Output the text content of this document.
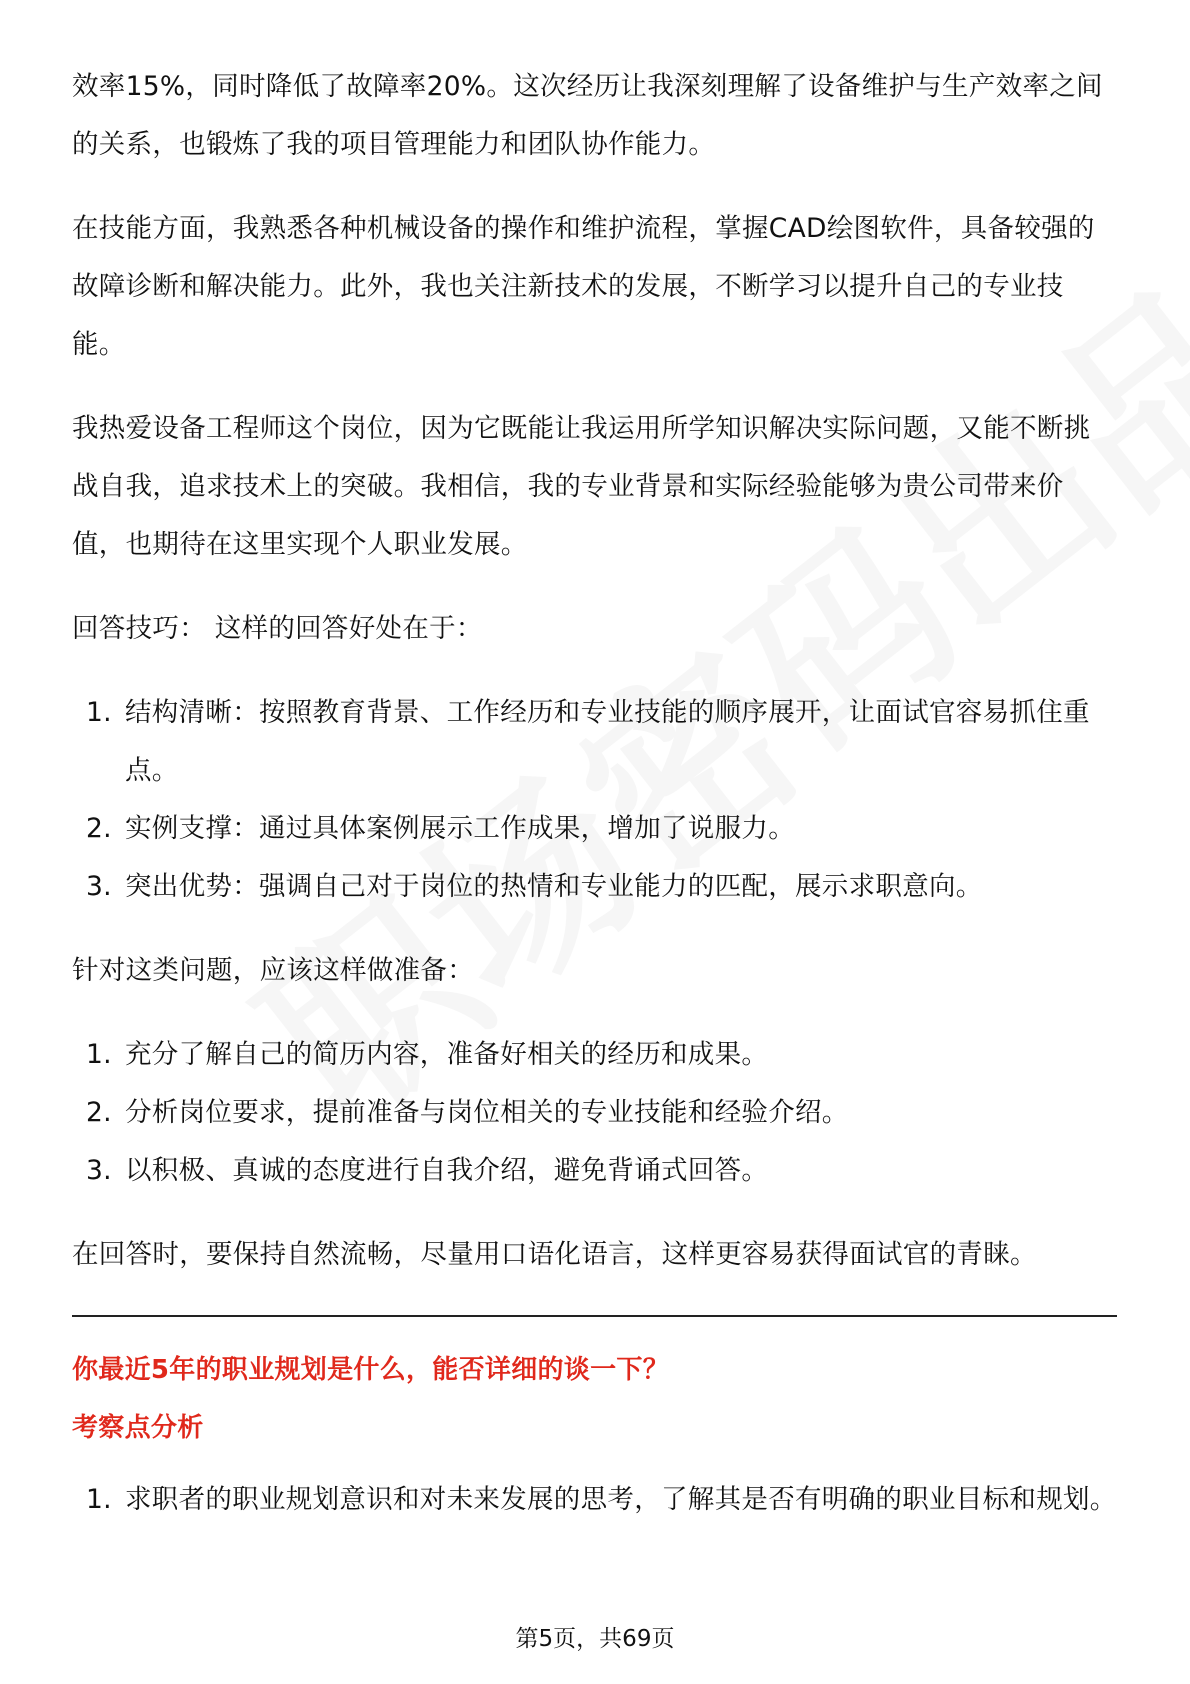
效率15%，同时降低了故障率20%。这次经历让我深刻理解了设备维护与生产效率之间的关系，也锻炼了我的项目管理能力和团队协作能力。

在技能方面，我熟悉各种机械设备的操作和维护流程，掌握CAD绘图软件，具备较强的故障诊断和解决能力。此外，我也关注新技术的发展，不断学习以提升自己的专业技能。

我热爱设备工程师这个岗位，因为它既能让我运用所学知识解决实际问题，又能不断挑战自我，追求技术上的突破。我相信，我的专业背景和实际经验能够为贵公司带来价值，也期待在这里实现个人职业发展。

回答技巧： 这样的回答好处在于：

1. 结构清晰：按照教育背景、工作经历和专业技能的顺序展开，让面试官容易抓住重点。
2. 实例支撑：通过具体案例展示工作成果，增加了说服力。
3. 突出优势：强调自己对于岗位的热情和专业能力的匹配，展示求职意向。

针对这类问题，应该这样做准备：

1. 充分了解自己的简历内容，准备好相关的经历和成果。
2. 分析岗位要求，提前准备与岗位相关的专业技能和经验介绍。
3. 以积极、真诚的态度进行自我介绍，避免背诵式回答。

在回答时，要保持自然流畅，尽量用口语化语言，这样更容易获得面试官的青睐。

你最近5年的职业规划是什么，能否详细的谈一下？

考察点分析

1. 求职者的职业规划意识和对未来发展的思考，了解其是否有明确的职业目标和规划。
第5页，共69页
